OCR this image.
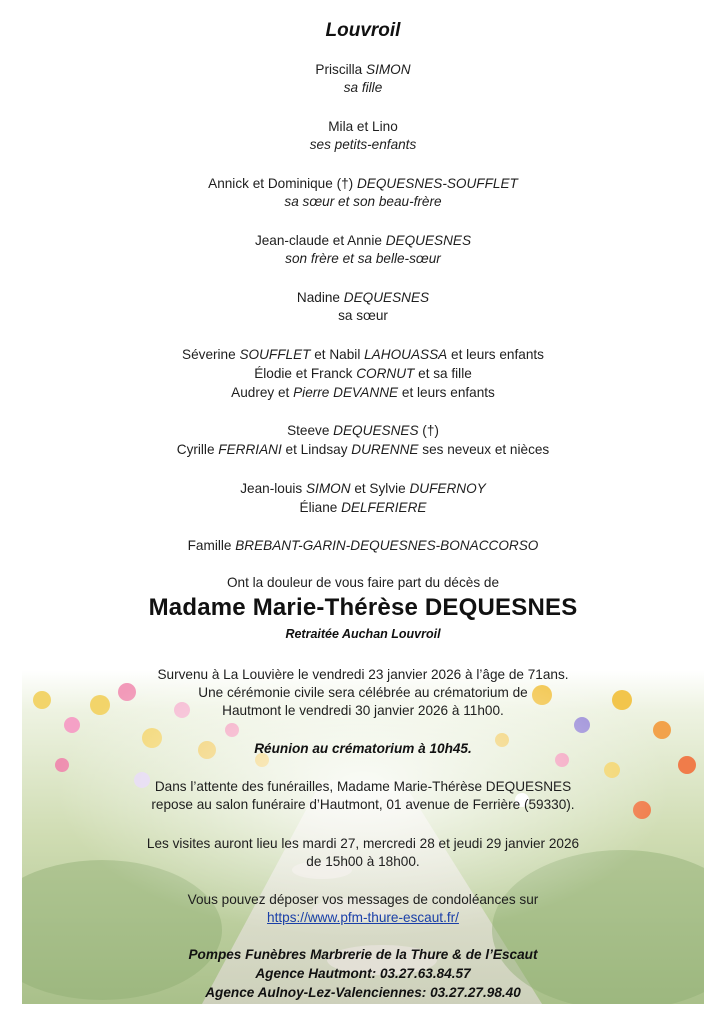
Louvroil
Priscilla SIMON
sa fille
Mila et Lino
ses petits-enfants
Annick et Dominique (†) DEQUESNES-SOUFFLET
sa sœur et son beau-frère
Jean-claude et Annie DEQUESNES
son frère et sa belle-sœur
Nadine DEQUESNES
sa sœur
Séverine SOUFFLET et Nabil LAHOUASSA et leurs enfants
Élodie et Franck CORNUT et sa fille
Audrey et Pierre DEVANNE et leurs enfants
Steeve DEQUESNES (†)
Cyrille FERRIANI et Lindsay DURENNE ses neveux et nièces
Jean-louis SIMON et Sylvie DUFERNOY
Éliane DELFERIERE
Famille BREBANT-GARIN-DEQUESNES-BONACCORSO
Ont la douleur de vous faire part du décès de
Madame Marie-Thérèse DEQUESNES
Retraitée Auchan Louvroil
Survenu à La Louvière le vendredi 23 janvier 2026 à l’âge de 71ans.
Une cérémonie civile sera célébrée au crématorium de
Hautmont le vendredi 30 janvier 2026 à 11h00.
Réunion au crématorium à 10h45.
Dans l’attente des funérailles, Madame Marie-Thérèse DEQUESNES
repose au salon funéraire d’Hautmont, 01 avenue de Ferrière (59330).
Les visites auront lieu les mardi 27, mercredi 28 et jeudi 29 janvier 2026
de 15h00 à 18h00.
Vous pouvez déposer vos messages de condoléances sur
https://www.pfm-thure-escaut.fr/
Pompes Funèbres Marbrerie de la Thure & de l’Escaut
Agence Hautmont: 03.27.63.84.57
Agence Aulnoy-Lez-Valenciennes: 03.27.27.98.40
